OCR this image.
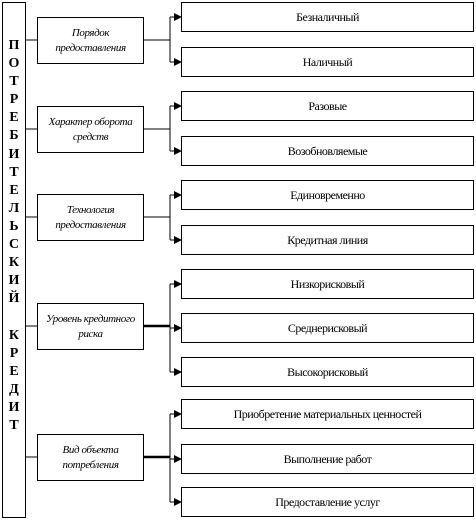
П
О
Т
Р
Е
Б
И
Т
Е
Л
Ь
С
К
И
Й

К
Р
Е
Д
И
Т
Порядок предоставления
Характер оборота средств
Технология предоставления
Уровень кредитного риска
Вид объекта потребления
Безналичный
Наличный
Разовые
Возобновляемые
Единовременно
Кредитная линия
Низкорисковый
Среднерисковый
Высокорисковый
Приобретение материальных ценностей
Выполнение работ
Предоставление услуг
